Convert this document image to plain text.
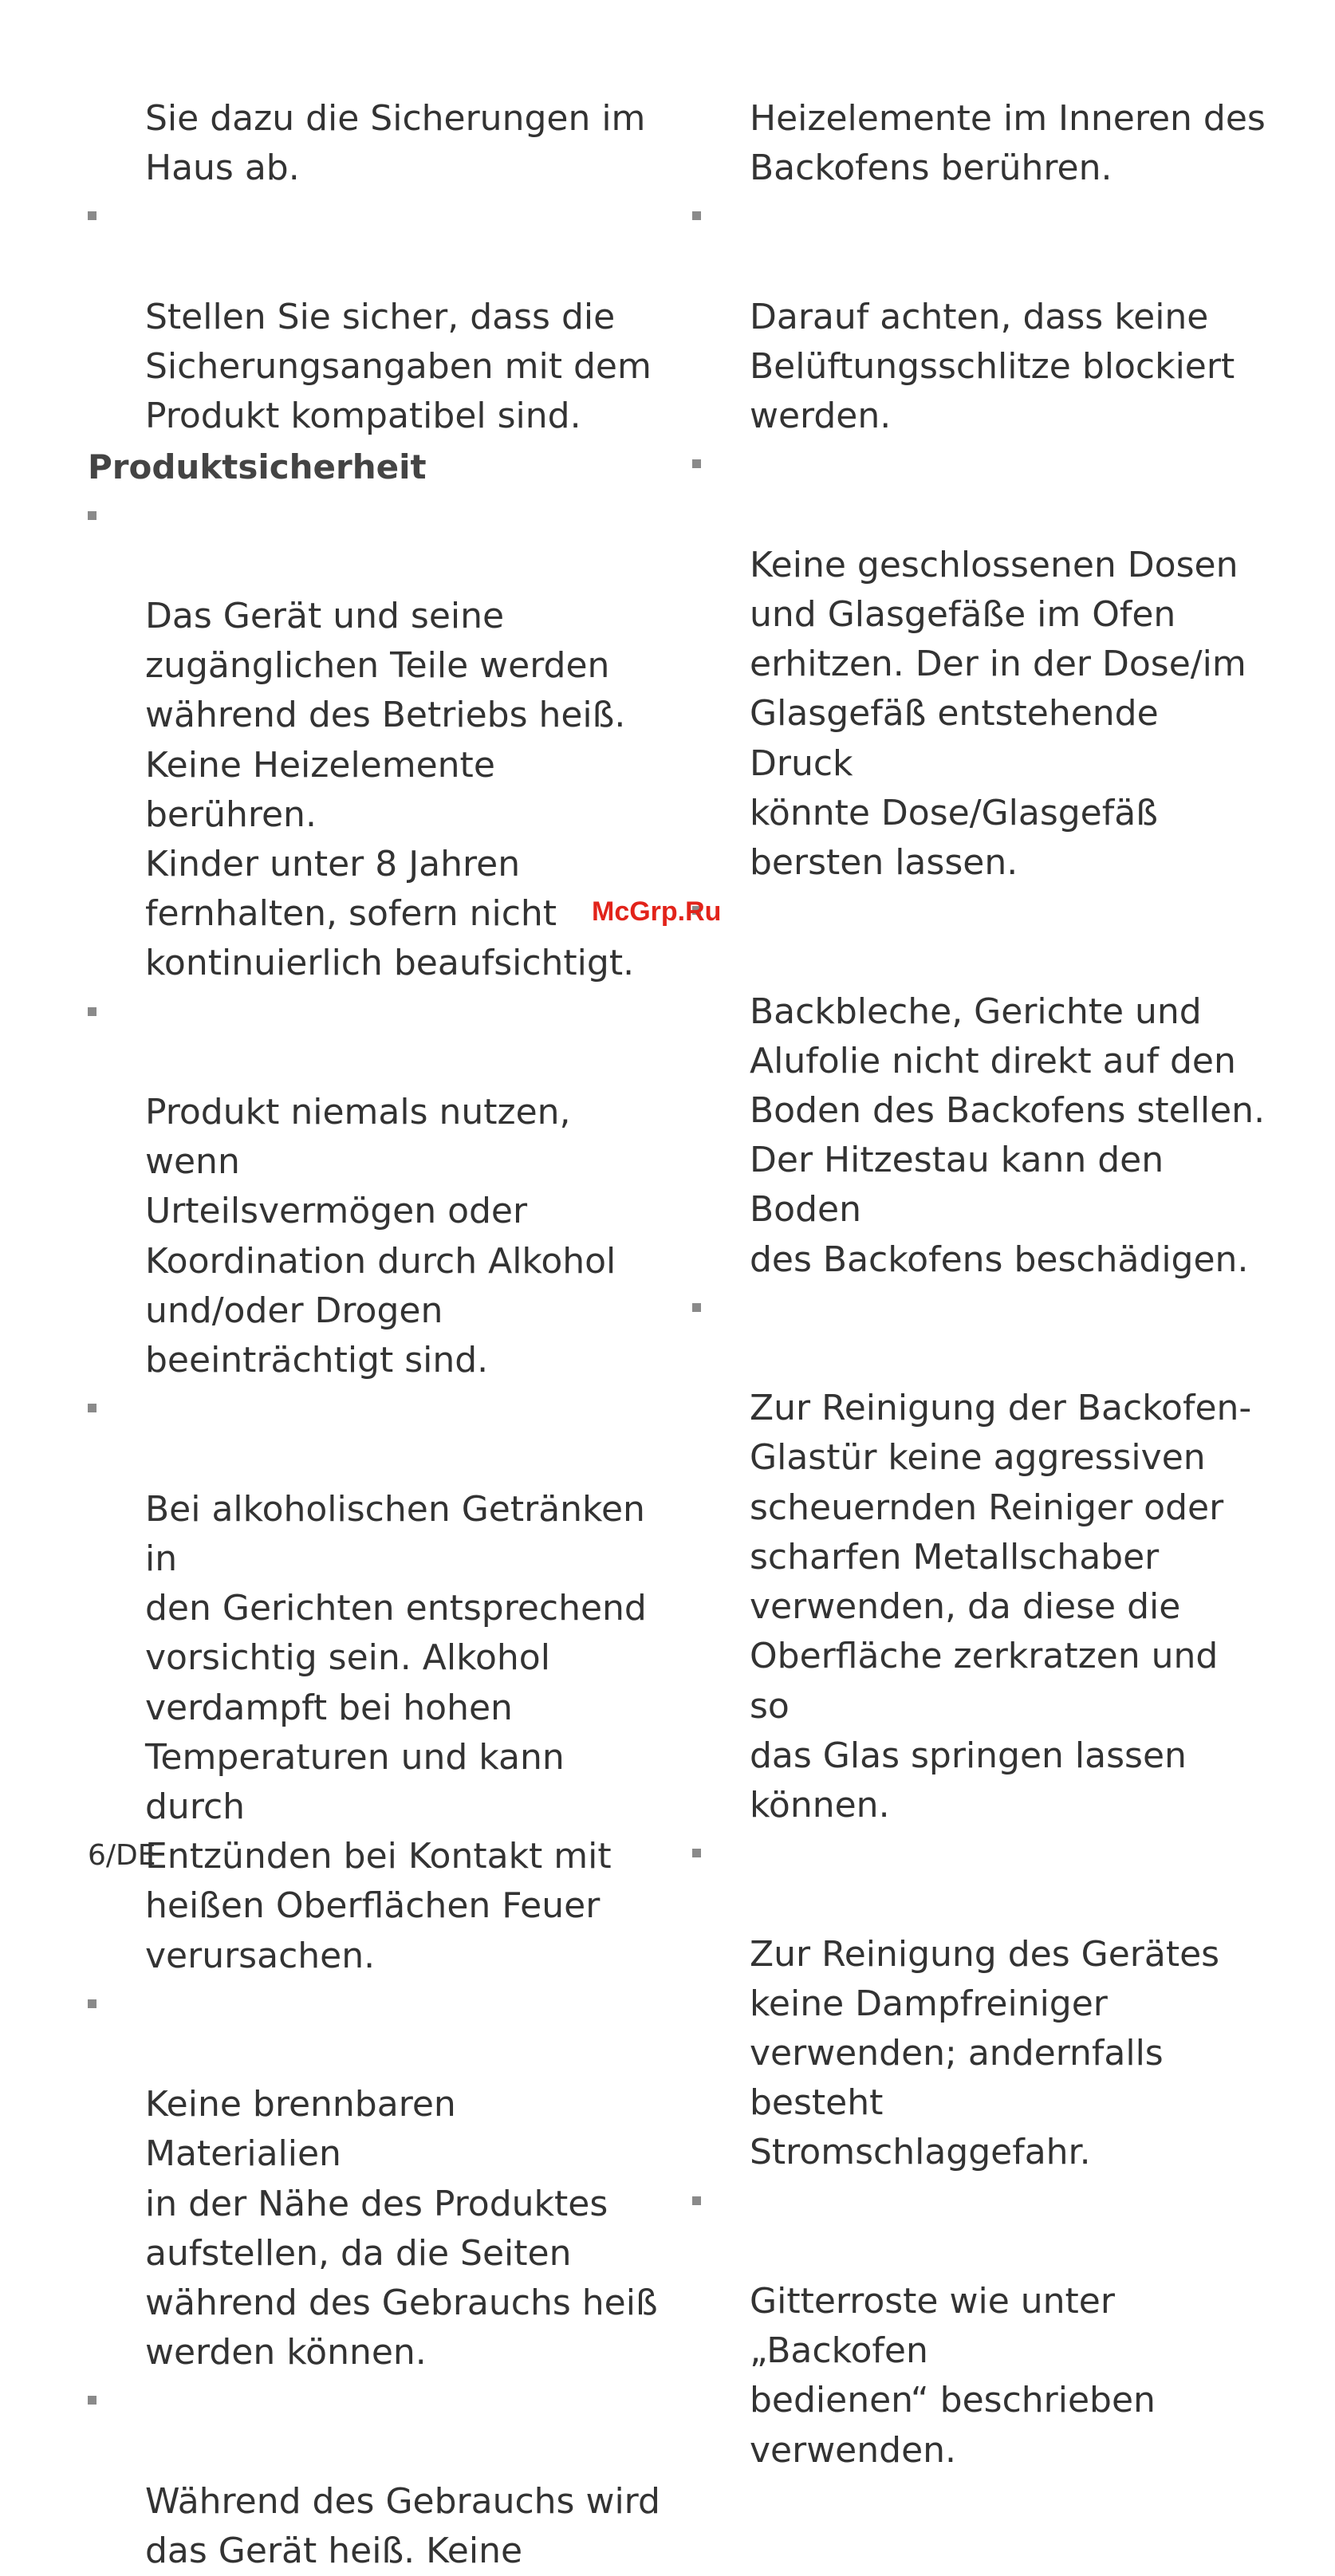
Sie dazu die Sicherungen im
Haus ab.

Stellen Sie sicher, dass die
Sicherungsangaben mit dem
Produkt kompatibel sind.

Produktsicherheit

Das Gerät und seine
zugänglichen Teile werden
während des Betriebs heiß.
Keine Heizelemente berühren.
Kinder unter 8 Jahren
fernhalten, sofern nicht
kontinuierlich beaufsichtigt.

Produkt niemals nutzen, wenn
Urteilsvermögen oder
Koordination durch Alkohol
und/oder Drogen
beeinträchtigt sind.

Bei alkoholischen Getränken in
den Gerichten entsprechend
vorsichtig sein. Alkohol
verdampft bei hohen
Temperaturen und kann durch
Entzünden bei Kontakt mit
heißen Oberflächen Feuer
verursachen.

Keine brennbaren Materialien
in der Nähe des Produktes
aufstellen, da die Seiten
während des Gebrauchs heiß
werden können.

Während des Gebrauchs wird
das Gerät heiß. Keine

Heizelemente im Inneren des
Backofens berühren.

Darauf achten, dass keine
Belüftungsschlitze blockiert
werden.

Keine geschlossenen Dosen
und Glasgefäße im Ofen
erhitzen. Der in der Dose/im
Glasgefäß entstehende Druck
könnte Dose/Glasgefäß
bersten lassen.

Backbleche, Gerichte und
Alufolie nicht direkt auf den
Boden des Backofens stellen.
Der Hitzestau kann den Boden
des Backofens beschädigen.

Zur Reinigung der Backofen-
Glastür keine aggressiven
scheuernden Reiniger oder
scharfen Metallschaber
verwenden, da diese die
Oberfläche zerkratzen und so
das Glas springen lassen
können.

Zur Reinigung des Gerätes
keine Dampfreiniger
verwenden; andernfalls besteht
Stromschlaggefahr.

Gitterroste wie unter
„Backofen
bedienen“ beschrieben
verwenden.

McGrp.Ru
6/DE
